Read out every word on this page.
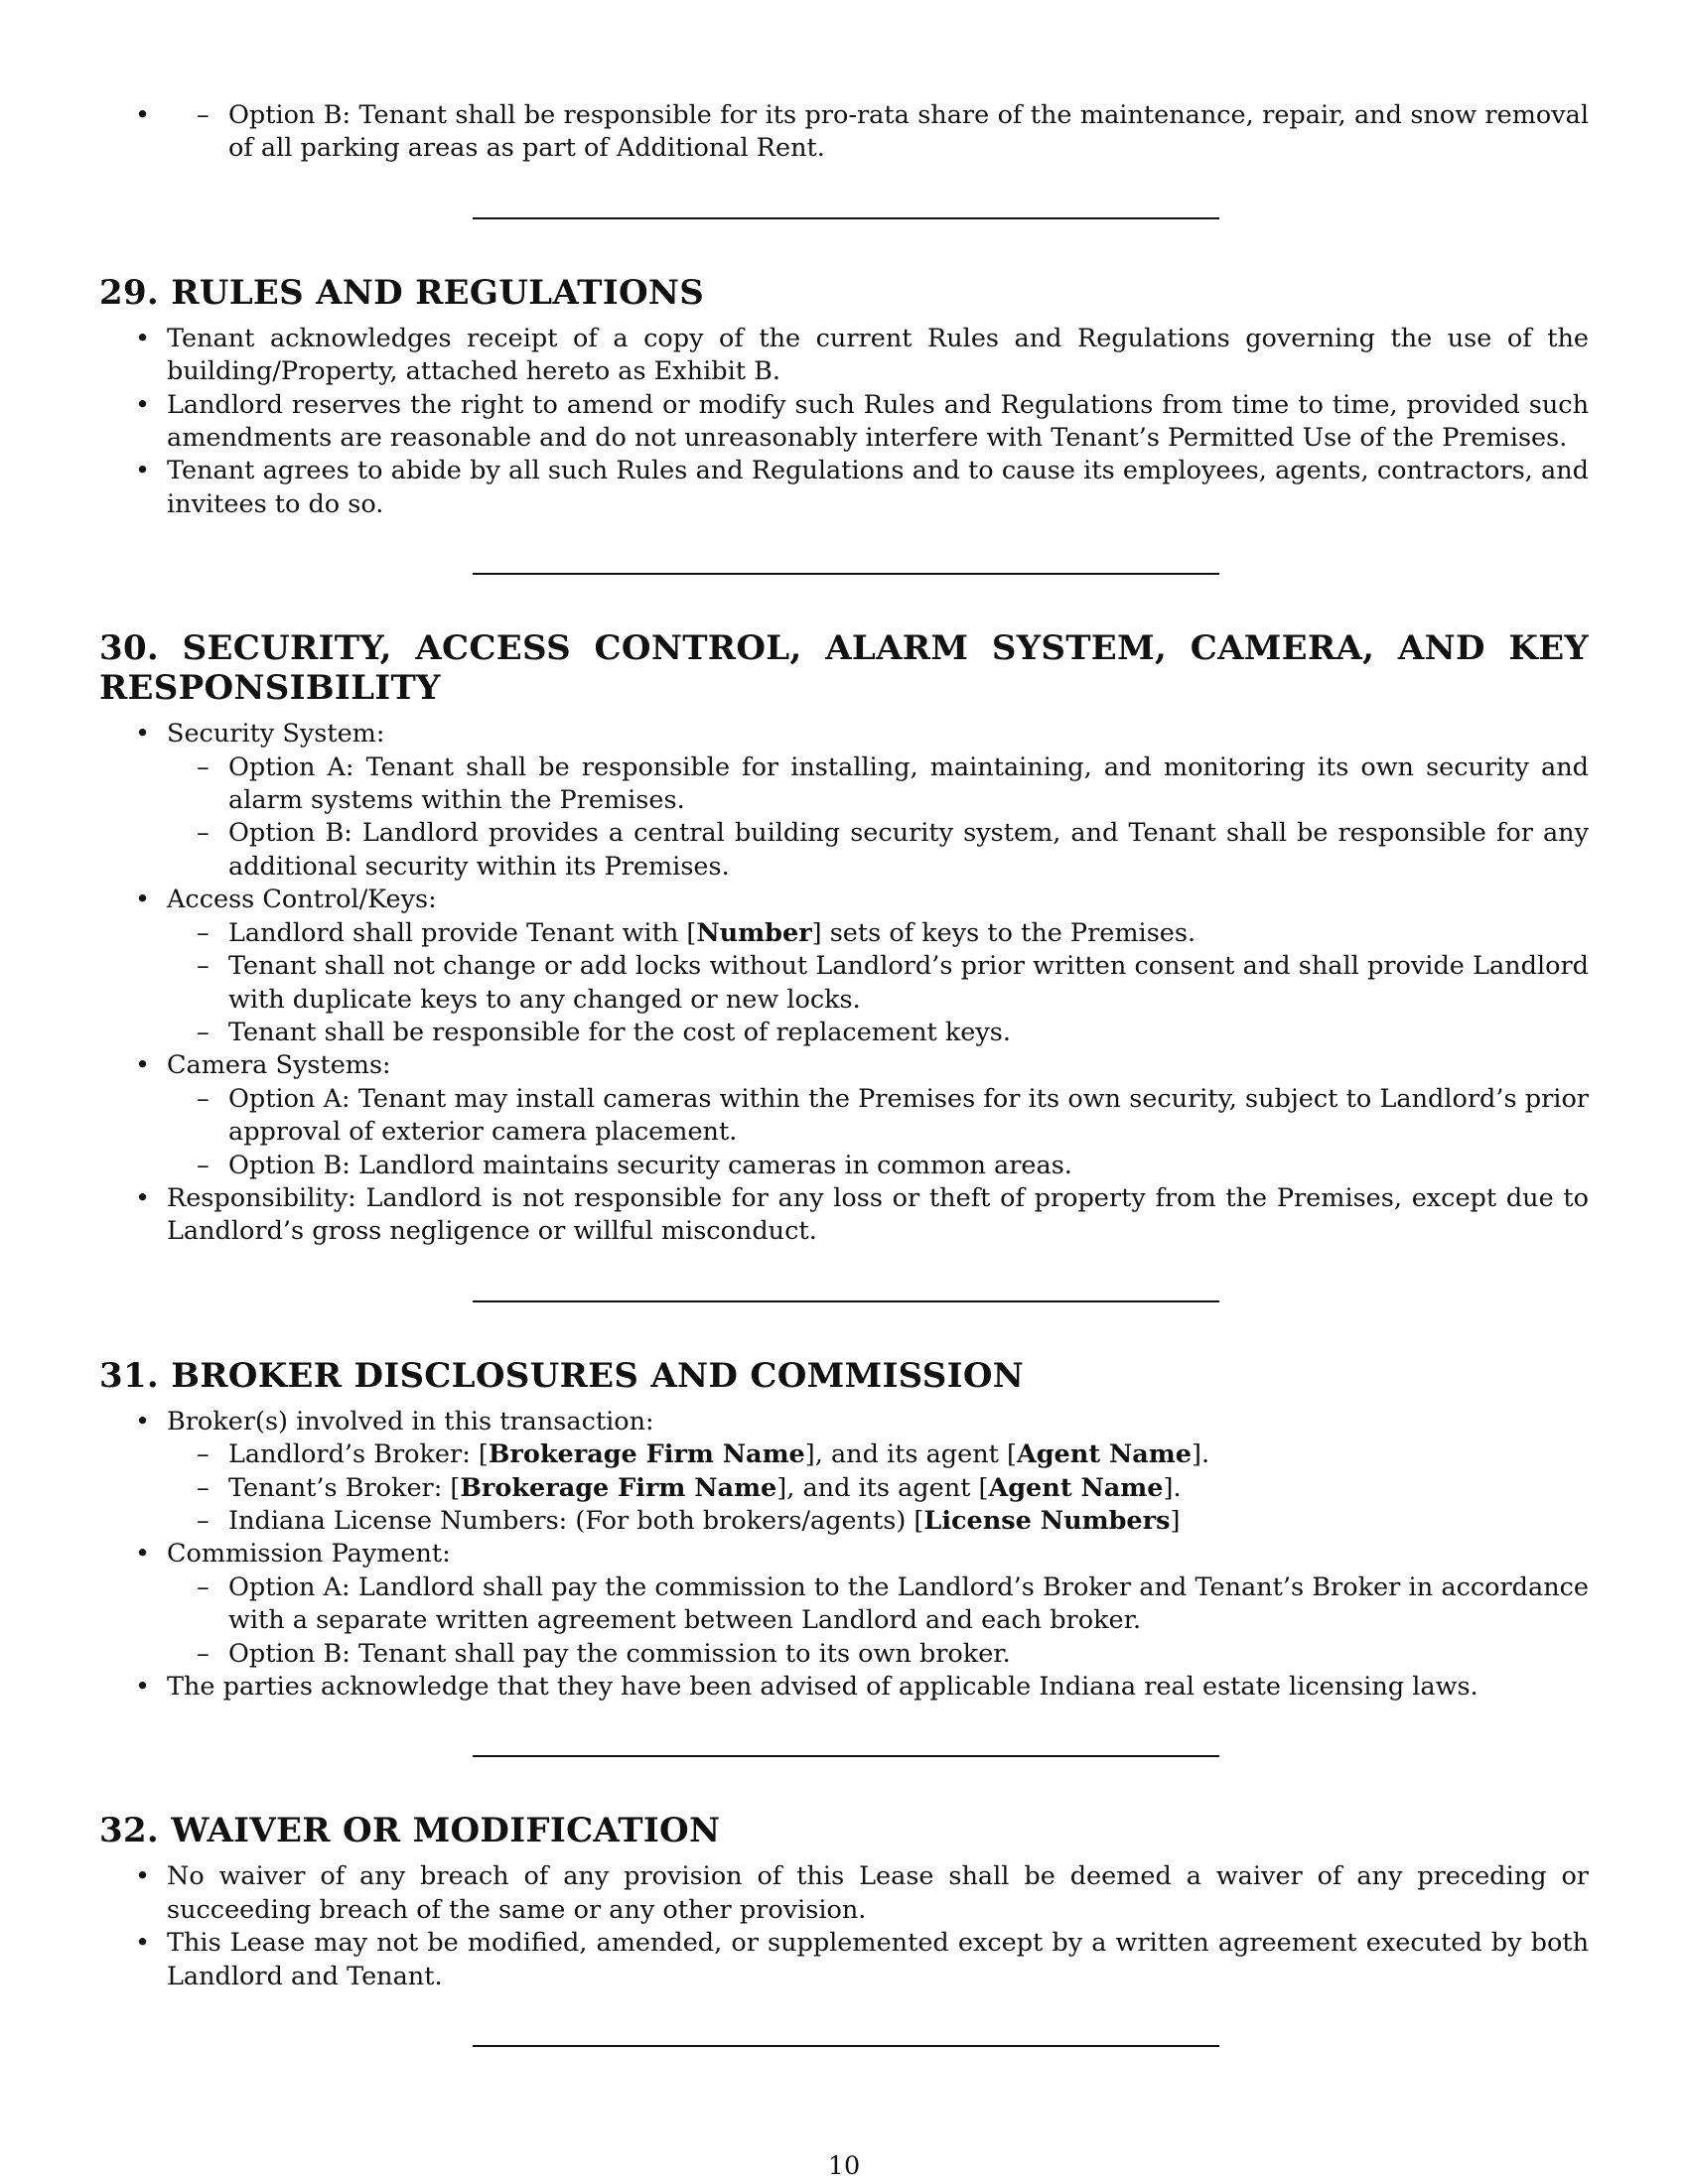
– • Option B: Tenant shall be responsible for its pro-rata share of the maintenance, repair, and snow removal of all parking areas as part of Additional Rent.
29. RULES AND REGULATIONS
• Tenant acknowledges receipt of a copy of the current Rules and Regulations governing the use of the building/Property, attached hereto as Exhibit B.
• Landlord reserves the right to amend or modify such Rules and Regulations from time to time, provided such amendments are reasonable and do not unreasonably interfere with Tenant’s Permitted Use of the Premises.
• Tenant agrees to abide by all such Rules and Regulations and to cause its employees, agents, contractors, and invitees to do so.
30. SECURITY, ACCESS CONTROL, ALARM SYSTEM, CAMERA, AND KEY RESPONSIBILITY
• Security System:
– Option A: Tenant shall be responsible for installing, maintaining, and monitoring its own security and alarm systems within the Premises.
– Option B: Landlord provides a central building security system, and Tenant shall be responsible for any additional security within its Premises.
• Access Control/Keys:
– Landlord shall provide Tenant with [Number] sets of keys to the Premises.
– Tenant shall not change or add locks without Landlord’s prior written consent and shall provide Landlord with duplicate keys to any changed or new locks.
– Tenant shall be responsible for the cost of replacement keys.
• Camera Systems:
– Option A: Tenant may install cameras within the Premises for its own security, subject to Landlord’s prior approval of exterior camera placement.
– Option B: Landlord maintains security cameras in common areas.
• Responsibility: Landlord is not responsible for any loss or theft of property from the Premises, except due to Landlord’s gross negligence or willful misconduct.
31. BROKER DISCLOSURES AND COMMISSION
• Broker(s) involved in this transaction:
– Landlord’s Broker: [Brokerage Firm Name], and its agent [Agent Name].
– Tenant’s Broker: [Brokerage Firm Name], and its agent [Agent Name].
– Indiana License Numbers: (For both brokers/agents) [License Numbers]
• Commission Payment:
– Option A: Landlord shall pay the commission to the Landlord’s Broker and Tenant’s Broker in accordance with a separate written agreement between Landlord and each broker.
– Option B: Tenant shall pay the commission to its own broker.
• The parties acknowledge that they have been advised of applicable Indiana real estate licensing laws.
32. WAIVER OR MODIFICATION
• No waiver of any breach of any provision of this Lease shall be deemed a waiver of any preceding or succeeding breach of the same or any other provision.
• This Lease may not be modified, amended, or supplemented except by a written agreement executed by both Landlord and Tenant.
10
